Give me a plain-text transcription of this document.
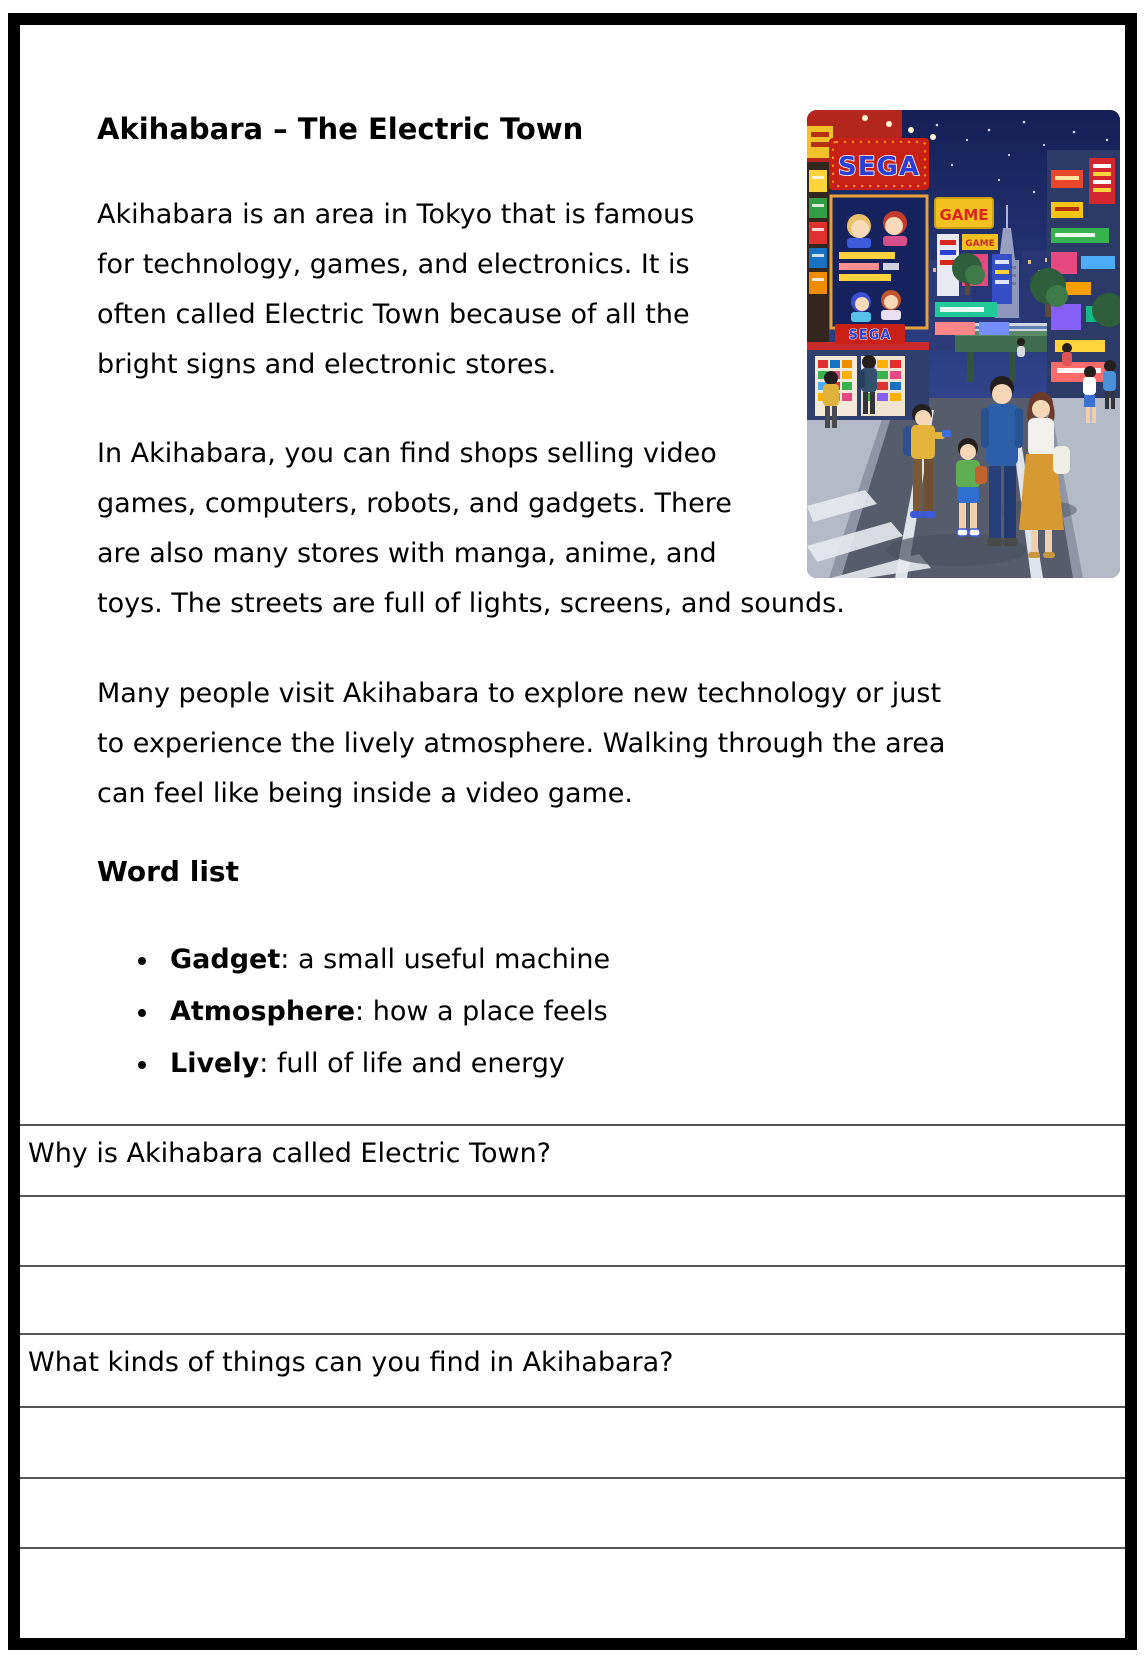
Akihabara – The Electric Town
SEGA
GAME
GAME
SEGA
Akihabara is an area in Tokyo that is famous
for technology, games, and electronics. It is
often called Electric Town because of all the
bright signs and electronic stores.
In Akihabara, you can find shops selling video
games, computers, robots, and gadgets. There
are also many stores with manga, anime, and
toys. The streets are full of lights, screens, and sounds.
Many people visit Akihabara to explore new technology or just
to experience the lively atmosphere. Walking through the area
can feel like being inside a video game.
Word list
Gadget: a small useful machine
Atmosphere: how a place feels
Lively: full of life and energy
Why is Akihabara called Electric Town?
What kinds of things can you find in Akihabara?
